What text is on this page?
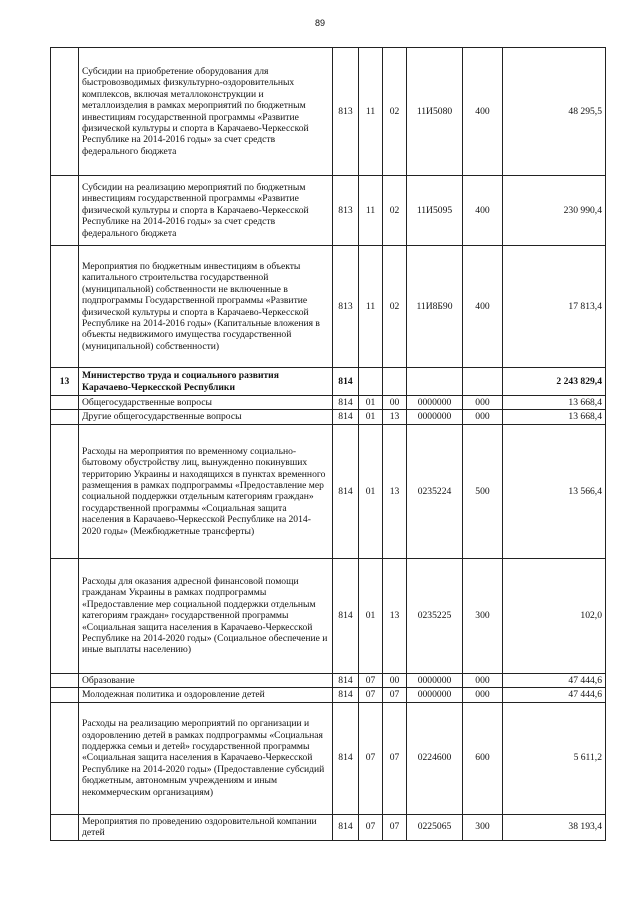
89
	Субсидии на приобретение оборудования для быстровозводимых физкультурно-оздоровительных комплексов, включая металлоконструкции и металлоизделия в рамках мероприятий по бюджетным инвестициям государственной программы «Развитие физической культуры и спорта в Карачаево-Черкесской Республике на 2014-2016 годы» за счет средств федерального бюджета	813	11	02	11И5080	400	48 295,5
	Субсидии на реализацию мероприятий по бюджетным инвестициям государственной программы «Развитие физической культуры и спорта в Карачаево-Черкесской Республике на 2014-2016 годы» за счет средств федерального бюджета	813	11	02	11И5095	400	230 990,4
	Мероприятия по бюджетным инвестициям в объекты капитального строительства государственной (муниципальной) собственности не включенные в подпрограммы Государственной программы «Развитие физической культуры и спорта в Карачаево-Черкесской Республике на 2014-2016 годы» (Капитальные вложения в объекты недвижимого имущества государственной (муниципальной) собственности)	813	11	02	11И8Б90	400	17 813,4
13	Министерство труда и социального развития Карачаево-Черкесской Республики	814					2 243 829,4
	Общегосударственные вопросы	814	01	00	0000000	000	13 668,4
	Другие общегосударственные вопросы	814	01	13	0000000	000	13 668,4
	Расходы на мероприятия по временному социально-бытовому обустройству лиц, вынужденно покинувших территорию Украины и находящихся в пунктах временного размещения в рамках подпрограммы «Предоставление мер социальной поддержки отдельным категориям граждан» государственной программы «Социальная защита населения в Карачаево-Черкесской Республике на 2014-2020 годы» (Межбюджетные трансферты)	814	01	13	0235224	500	13 566,4
	Расходы для оказания адресной финансовой помощи гражданам Украины в рамках подпрограммы «Предоставление мер социальной поддержки отдельным категориям граждан» государственной программы «Социальная защита населения в Карачаево-Черкесской Республике на 2014-2020 годы» (Социальное обеспечение и иные выплаты населению)	814	01	13	0235225	300	102,0
	Образование	814	07	00	0000000	000	47 444,6
	Молодежная политика и оздоровление детей	814	07	07	0000000	000	47 444,6
	Расходы на реализацию мероприятий по организации и оздоровлению детей в рамках подпрограммы «Социальная поддержка семьи и детей» государственной программы «Социальная защита населения в Карачаево-Черкесской Республике на 2014-2020 годы» (Предоставление субсидий бюджетным, автономным учреждениям и иным некоммерческим организациям)	814	07	07	0224600	600	5 611,2
	Мероприятия по проведению оздоровительной компании детей	814	07	07	0225065	300	38 193,4
